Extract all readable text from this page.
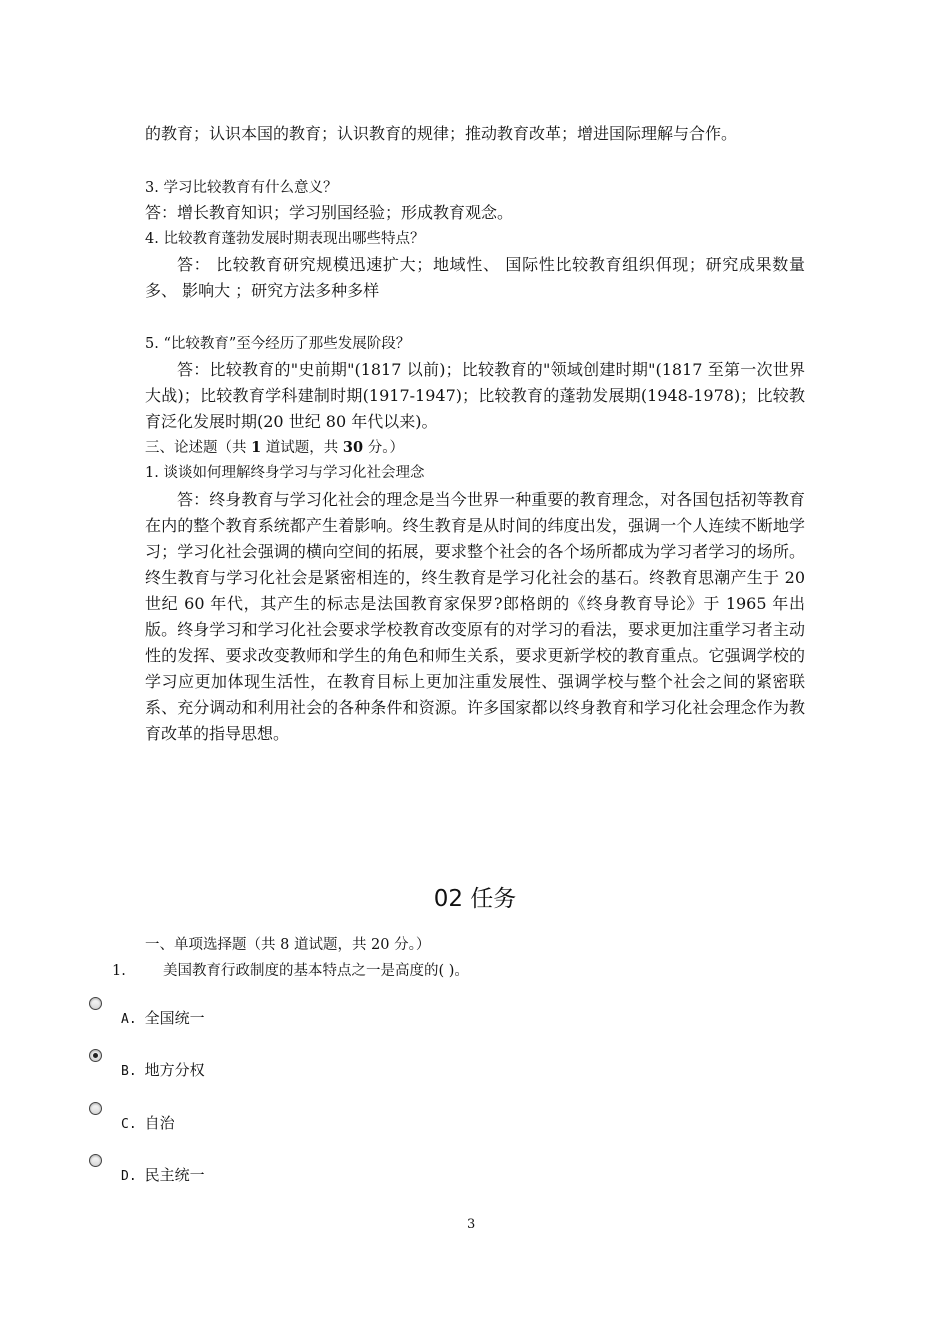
的教育；认识本国的教育；认识教育的规律；推动教育改革；增进国际理解与合作。
3. 学习比较教育有什么意义？
答：增长教育知识；学习别国经验；形成教育观念。
4. 比较教育蓬勃发展时期表现出哪些特点？
答： 比较教育研究规模迅速扩大；地域性、 国际性比较教育组织佴现；研究成果数量多、 影响大 ；研究方法多种多样
5. “比较教育”至今经历了那些发展阶段？
答：比较教育的"史前期"(1817 以前)；比较教育的"领域创建时期"(1817 至第一次世界大战)；比较教育学科建制时期(1917-1947)；比较教育的蓬勃发展期(1948-1978)；比较教育泛化发展时期(20 世纪 80 年代以来)。
三、论述题（共 1 道试题，共 30 分。）
1. 谈谈如何理解终身学习与学习化社会理念
答：终身教育与学习化社会的理念是当今世界一种重要的教育理念，对各国包括初等教育在内的整个教育系统都产生着影响。终生教育是从时间的纬度出发，强调一个人连续不断地学习；学习化社会强调的横向空间的拓展，要求整个社会的各个场所都成为学习者学习的场所。终生教育与学习化社会是紧密相连的，终生教育是学习化社会的基石。终教育思潮产生于 20 世纪 60 年代，其产生的标志是法国教育家保罗?郎格朗的《终身教育导论》于 1965 年出版。终身学习和学习化社会要求学校教育改变原有的对学习的看法，要求更加注重学习者主动性的发挥、要求改变教师和学生的角色和师生关系，要求更新学校的教育重点。它强调学校的学习应更加体现生活性，在教育目标上更加注重发展性、强调学校与整个社会之间的紧密联系、充分调动和利用社会的各种条件和资源。许多国家都以终身教育和学习化社会理念作为教育改革的指导思想。
02 任务
一、单项选择题（共 8 道试题，共 20 分。）
1.	美国教育行政制度的基本特点之一是高度的( )。
A. 全国统一
B. 地方分权
C. 自治
D. 民主统一
3
